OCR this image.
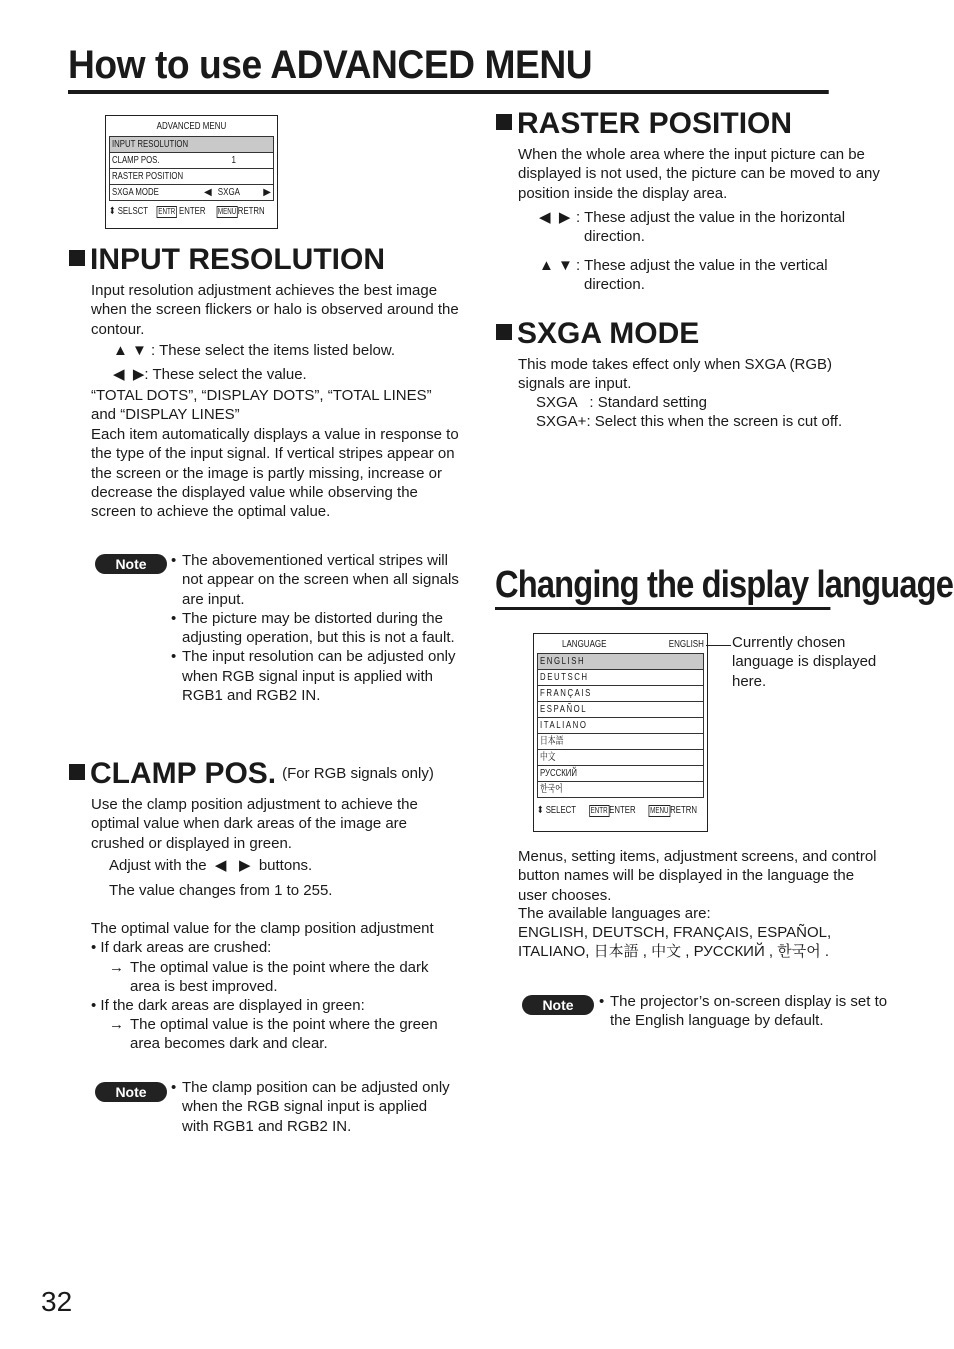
How to use ADVANCED MENU
ADVANCED MENU
INPUT RESOLUTION
CLAMP POS.	1
RASTER POSITION
SXGA MODE	◀ SXGA ▶
⬍ SELSCT ENTR ENTER MENU RETRN
INPUT RESOLUTION
Input resolution adjustment achieves the best image when the screen flickers or halo is observed around the contour.
▲ ▼ : These select the items listed below.
◀  ▶: These select the value.
“TOTAL DOTS”, “DISPLAY DOTS”, “TOTAL LINES” and “DISPLAY LINES”
Each item automatically displays a value in response to the type of the input signal. If vertical stripes appear on the screen or the image is partly missing, increase or decrease the displayed value while observing the screen to achieve the optimal value.
Note	• The abovementioned vertical stripes will not appear on the screen when all signals are input.
• The picture may be distorted during the adjusting operation, but this is not a fault.
• The input resolution can be adjusted only when RGB signal input is applied with RGB1 and RGB2 IN.
CLAMP POS. $^{(For RGB signals only)}$
Use the clamp position adjustment to achieve the optimal value when dark areas of the image are crushed or displayed in green.
Adjust with the  ◀   ▶  buttons.
The value changes from 1 to 255.
The optimal value for the clamp position adjustment
• If dark areas are crushed:
→ The optimal value is the point where the dark area is best improved.
• If the dark areas are displayed in green:
→ The optimal value is the point where the green area becomes dark and clear.
Note	• The clamp position can be adjusted only when the RGB signal input is applied with RGB1 and RGB2 IN.
RASTER POSITION
When the whole area where the input picture can be displayed is not used, the picture can be moved to any position inside the display area.
◀  ▶ : These adjust the value in the horizontal direction.
▲ ▼ : These adjust the value in the vertical direction.
SXGA MODE
This mode takes effect only when SXGA (RGB) signals are input.
SXGA   : Standard setting
SXGA+: Select this when the screen is cut off.
Changing the display language
LANGUAGE	ENGLISH
ENGLISH
DEUTSCH
FRANÇAIS
ESPAÑOL
ITALIANO
日本語
中文
РУССКИЙ
한국어
⬍ SELECT ENTR ENTER MENU RETRN
Currently chosen language is displayed here.
Menus, setting items, adjustment screens, and control button names will be displayed in the language the user chooses.
The available languages are:
ENGLISH, DEUTSCH, FRANÇAIS, ESPAÑOL,
ITALIANO, 日本語 , 中文 , РУССКИЙ , 한국어 .
Note	• The projector’s on-screen display is set to the English language by default.
32
